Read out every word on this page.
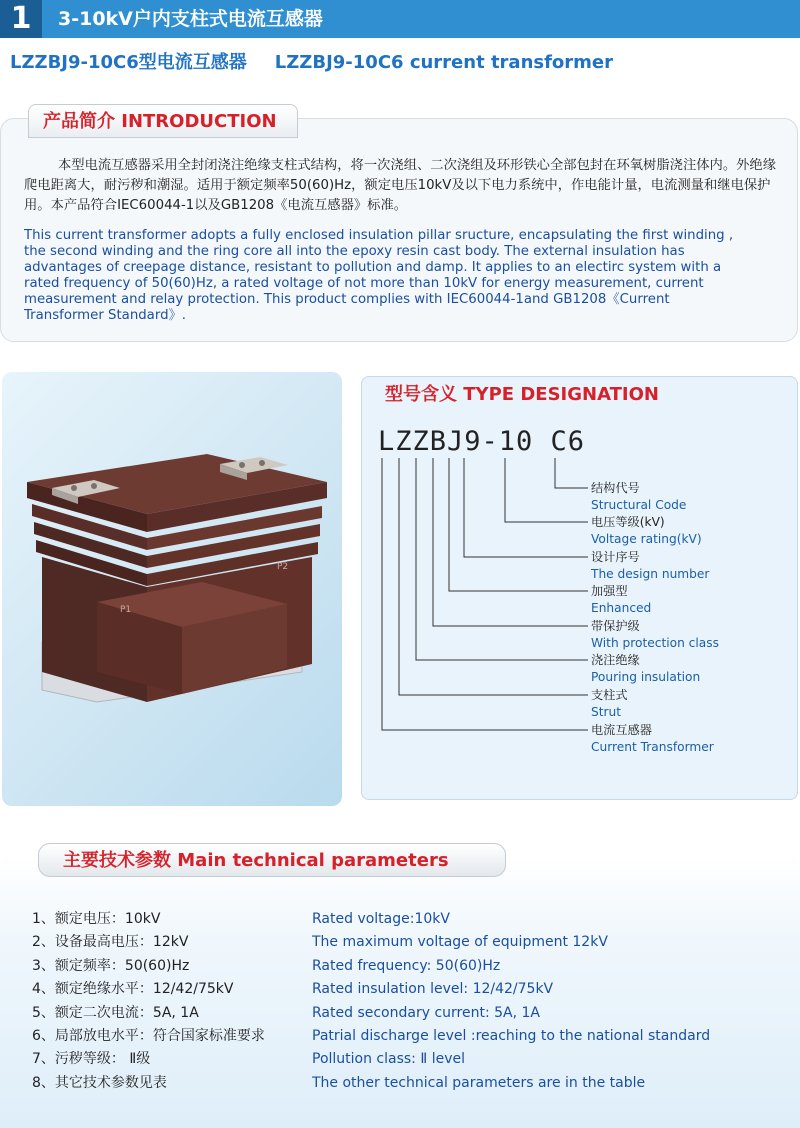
1	3-10kV户内支柱式电流互感器
LZZBJ9-10C6型电流互感器 LZZBJ9-10C6 current transformer
产品简介 INTRODUCTION

本型电流互感器采用全封闭浇注绝缘支柱式结构，将一次浇组、二次浇组及环形铁心全部包封在环氧树脂浇注体内。外绝缘爬电距离大，耐污秽和潮湿。适用于额定频率50(60)Hz，额定电压10kV及以下电力系统中，作电能计量，电流测量和继电保护用。本产品符合IEC60044-1以及GB1208《电流互感器》标准。

This current transformer adopts a fully enclosed insulation pillar sructure, encapsulating the first winding ,

the second winding and the ring core all into the epoxy resin cast body. The external insulation has

advantages of creepage distance, resistant to pollution and damp. It applies to an electirc system with a

rated frequency of 50(60)Hz, a rated voltage of not more than 10kV for energy measurement, current

measurement and relay protection. This product complies with IEC60044-1and GB1208《Current

Transformer Standard》.

P2
P1
型号含义 TYPE DESIGNATION
LZZBJ9-10 C6
结构代号
Structural Code
电压等级(kV)
Voltage rating(kV)
设计序号
The design number
加强型
Enhanced
带保护级
With protection class
浇注绝缘
Pouring insulation
支柱式
Strut
电流互感器
Current Transformer
主要技术参数 Main technical parameters
1、额定电压：10kV	Rated voltage:10kV
2、设备最高电压：12kV	The maximum voltage of equipment 12kV
3、额定频率：50(60)Hz	Rated frequency: 50(60)Hz
4、额定绝缘水平：12/42/75kV	Rated insulation level: 12/42/75kV
5、额定二次电流：5A, 1A	Rated secondary current: 5A, 1A
6、局部放电水平：符合国家标准要求	Patrial discharge level :reaching to the national standard
7、污秽等级： Ⅱ级	Pollution class: Ⅱ level
8、其它技术参数见表	The other technical parameters are in the table
